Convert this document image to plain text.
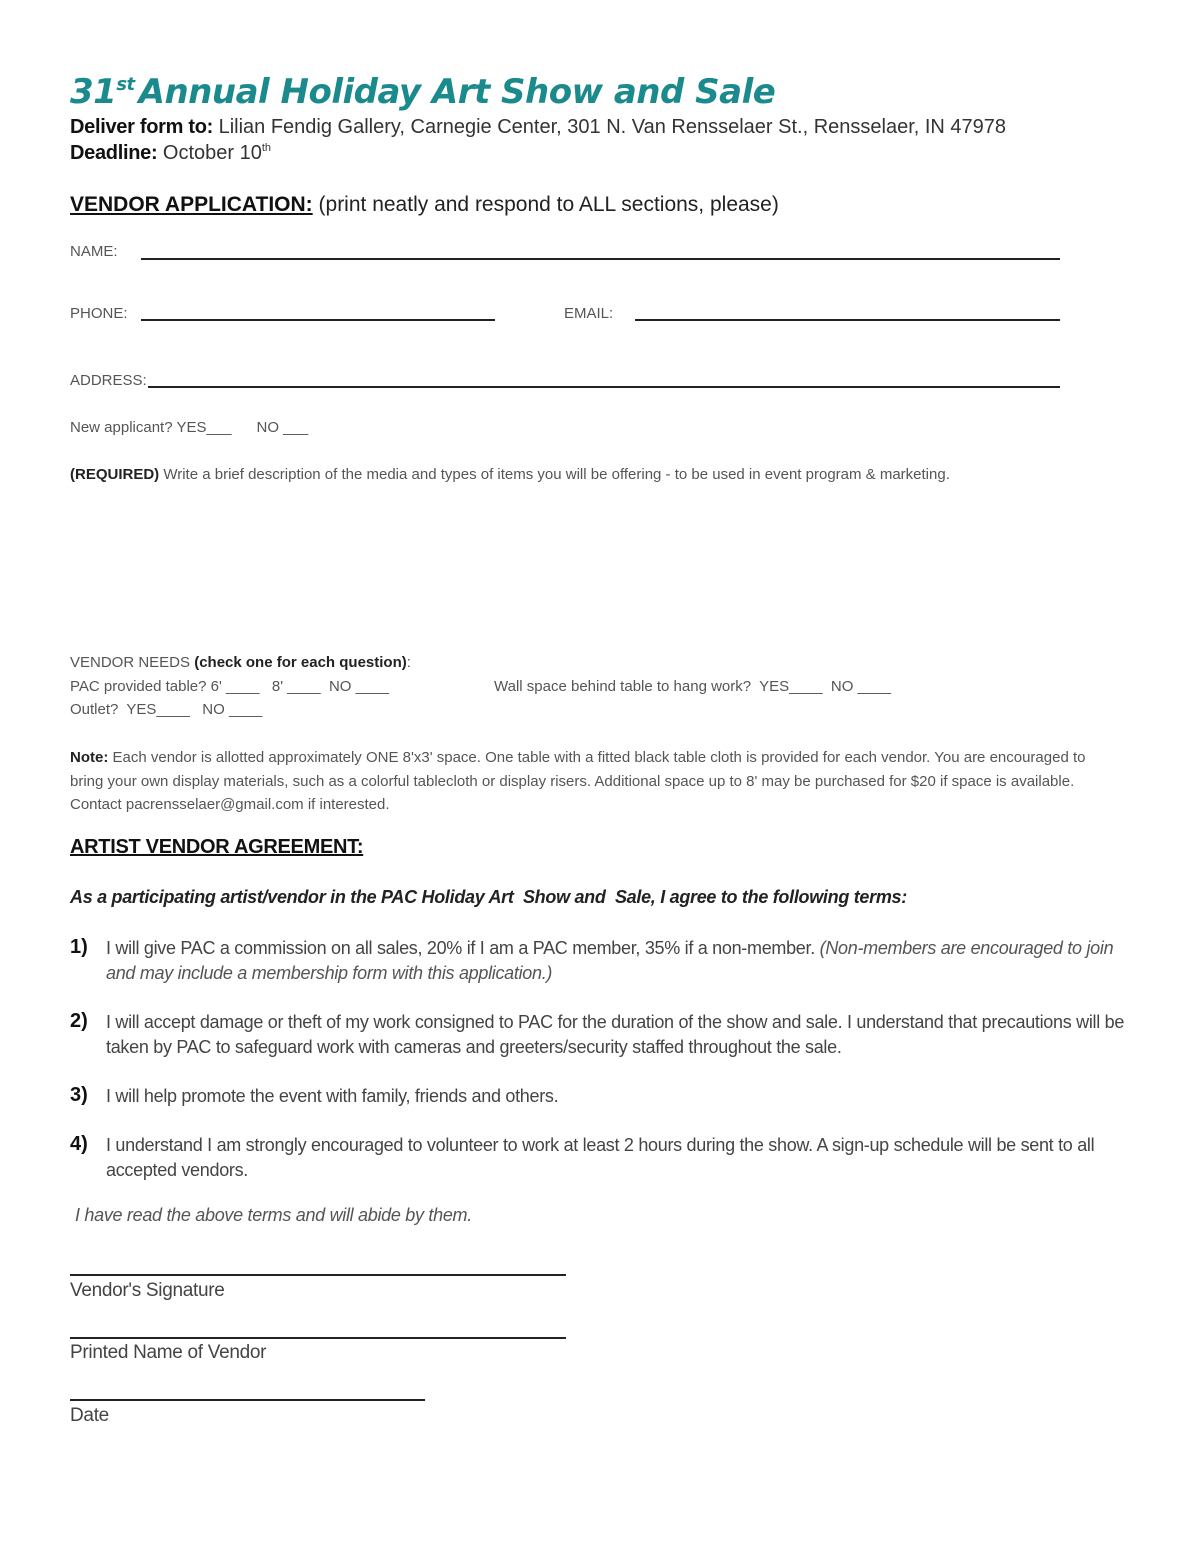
31st Annual Holiday Art Show and Sale
Deliver form to: Lilian Fendig Gallery, Carnegie Center, 301 N. Van Rensselaer St., Rensselaer, IN 47978
Deadline: October 10th
VENDOR APPLICATION: (print neatly and respond to ALL sections, please)
NAME:
PHONE:	EMAIL:
ADDRESS:
New applicant? YES___      NO ___
(REQUIRED) Write a brief description of the media and types of items you will be offering - to be used in event program & marketing.
VENDOR NEEDS (check one for each question):
PAC provided table? 6' ____   8' ____  NO ____	Wall space behind table to hang work?  YES____  NO ____
Outlet?  YES____   NO ____
Note: Each vendor is allotted approximately ONE 8'x3' space. One table with a fitted black table cloth is provided for each vendor. You are encouraged to bring your own display materials, such as a colorful tablecloth or display risers. Additional space up to 8' may be purchased for $20 if space is available. Contact pacrensselaer@gmail.com if interested.
ARTIST VENDOR AGREEMENT:
As a participating artist/vendor in the PAC Holiday Art  Show and  Sale, I agree to the following terms:
1) I will give PAC a commission on all sales, 20% if I am a PAC member, 35% if a non-member. (Non-members are encouraged to join and may include a membership form with this application.)
2) I will accept damage or theft of my work consigned to PAC for the duration of the show and sale. I understand that precautions will be taken by PAC to safeguard work with cameras and greeters/security staffed throughout the sale.
3) I will help promote the event with family, friends and others.
4) I understand I am strongly encouraged to volunteer to work at least 2 hours during the show. A sign-up schedule will be sent to all accepted vendors.
I have read the above terms and will abide by them.
Vendor's Signature
Printed Name of Vendor
Date
